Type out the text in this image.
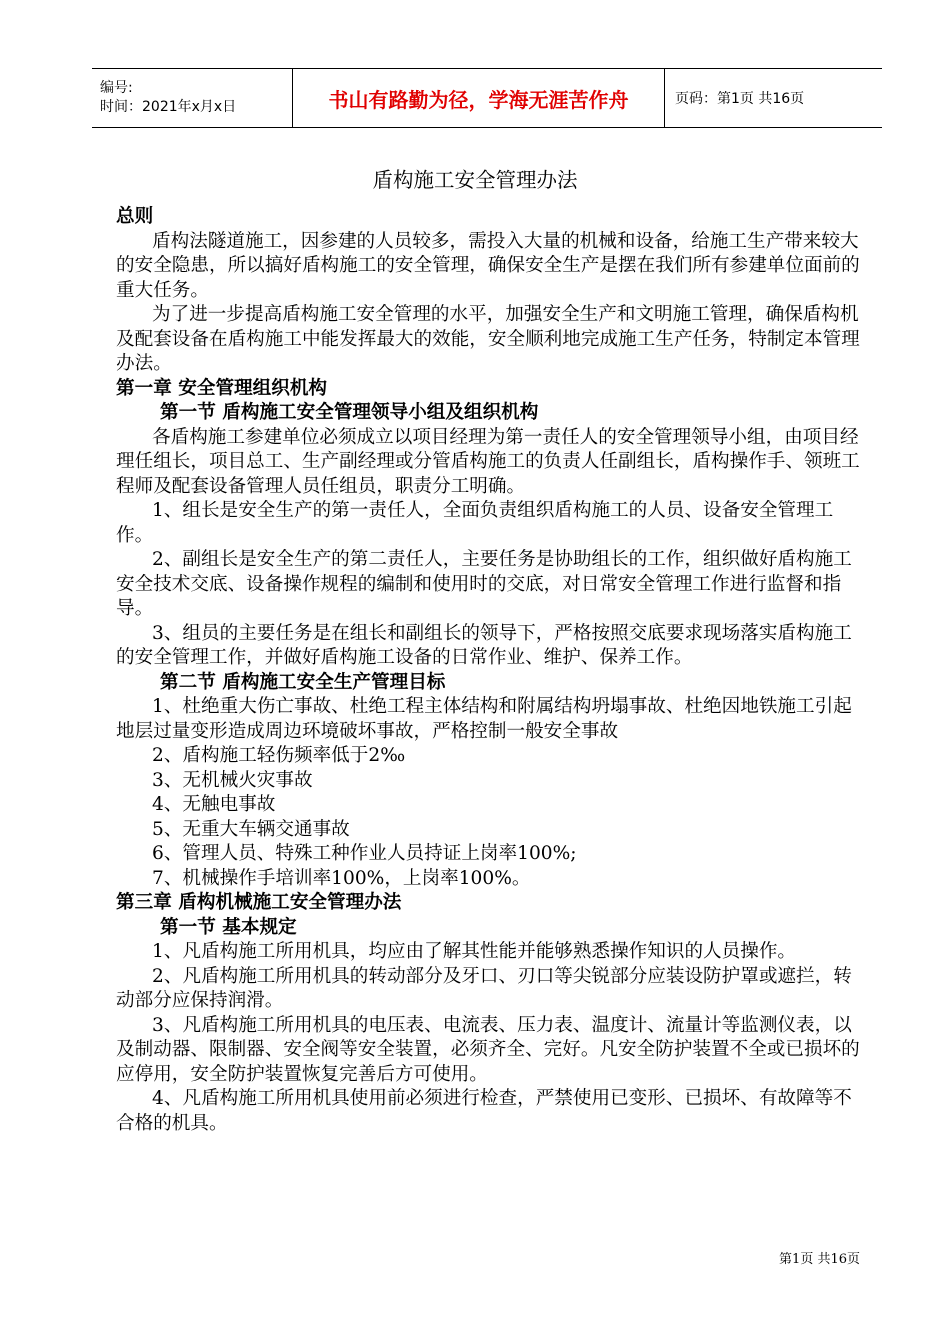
编号:
时间：2021年x月x日	书山有路勤为径，学海无涯苦作舟	页码：第1页 共16页
盾构施工安全管理办法

总则

盾构法隧道施工，因参建的人员较多，需投入大量的机械和设备，给施工生产带来较大的安全隐患，所以搞好盾构施工的安全管理，确保安全生产是摆在我们所有参建单位面前的重大任务。

为了进一步提高盾构施工安全管理的水平，加强安全生产和文明施工管理，确保盾构机及配套设备在盾构施工中能发挥最大的效能，安全顺利地完成施工生产任务，特制定本管理办法。

第一章 安全管理组织机构

第一节 盾构施工安全管理领导小组及组织机构

各盾构施工参建单位必须成立以项目经理为第一责任人的安全管理领导小组，由项目经理任组长，项目总工、生产副经理或分管盾构施工的负责人任副组长，盾构操作手、领班工程师及配套设备管理人员任组员，职责分工明确。

1、组长是安全生产的第一责任人，全面负责组织盾构施工的人员、设备安全管理工作。

2、副组长是安全生产的第二责任人，主要任务是协助组长的工作，组织做好盾构施工安全技术交底、设备操作规程的编制和使用时的交底，对日常安全管理工作进行监督和指导。

3、组员的主要任务是在组长和副组长的领导下，严格按照交底要求现场落实盾构施工的安全管理工作，并做好盾构施工设备的日常作业、维护、保养工作。

第二节 盾构施工安全生产管理目标

1、杜绝重大伤亡事故、杜绝工程主体结构和附属结构坍塌事故、杜绝因地铁施工引起地层过量变形造成周边环境破坏事故，严格控制一般安全事故

2、盾构施工轻伤频率低于2‰

3、无机械火灾事故

4、无触电事故

5、无重大车辆交通事故

6、管理人员、特殊工种作业人员持证上岗率100%;

7、机械操作手培训率100%，上岗率100%。

第三章 盾构机械施工安全管理办法

第一节 基本规定

1、凡盾构施工所用机具，均应由了解其性能并能够熟悉操作知识的人员操作。

2、凡盾构施工所用机具的转动部分及牙口、刃口等尖锐部分应装设防护罩或遮拦，转动部分应保持润滑。

3、凡盾构施工所用机具的电压表、电流表、压力表、温度计、流量计等监测仪表，以及制动器、限制器、安全阀等安全装置，必须齐全、完好。凡安全防护装置不全或已损坏的应停用，安全防护装置恢复完善后方可使用。

4、凡盾构施工所用机具使用前必须进行检查，严禁使用已变形、已损坏、有故障等不合格的机具。

第1页 共16页
